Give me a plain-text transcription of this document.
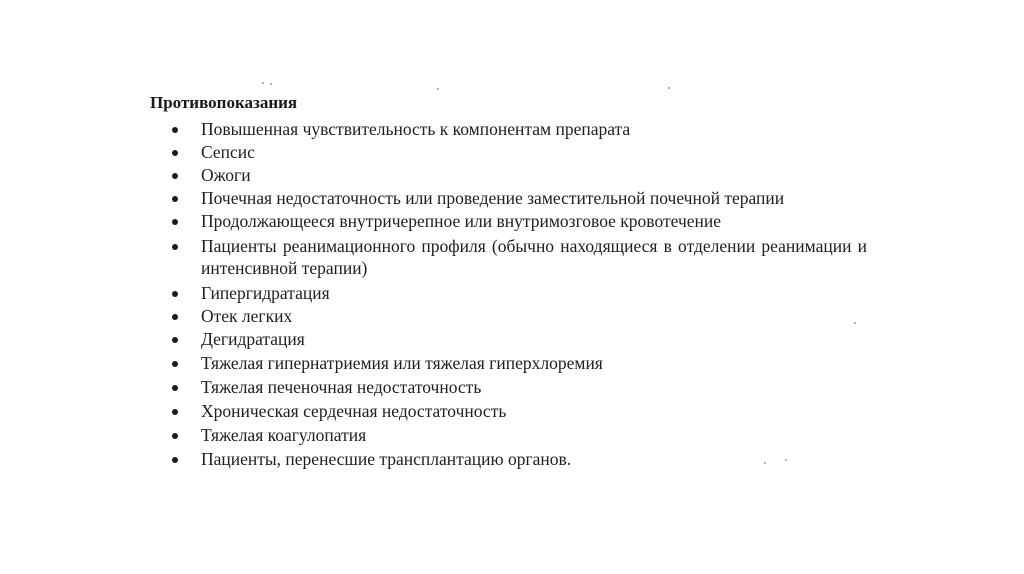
Противопоказания
Повышенная чувствительность к компонентам препарата
Сепсис
Ожоги
Почечная недостаточность или проведение заместительной почечной терапии
Продолжающееся внутричерепное или внутримозговое кровотечение
Пациенты реанимационного профиля (обычно находящиеся в отделении реанимации и интенсивной терапии)
Гипергидратация
Отек легких
Дегидратация
Тяжелая гипернатриемия или тяжелая гиперхлоремия
Тяжелая печеночная недостаточность
Хроническая сердечная недостаточность
Тяжелая коагулопатия
Пациенты, перенесшие трансплантацию органов.
